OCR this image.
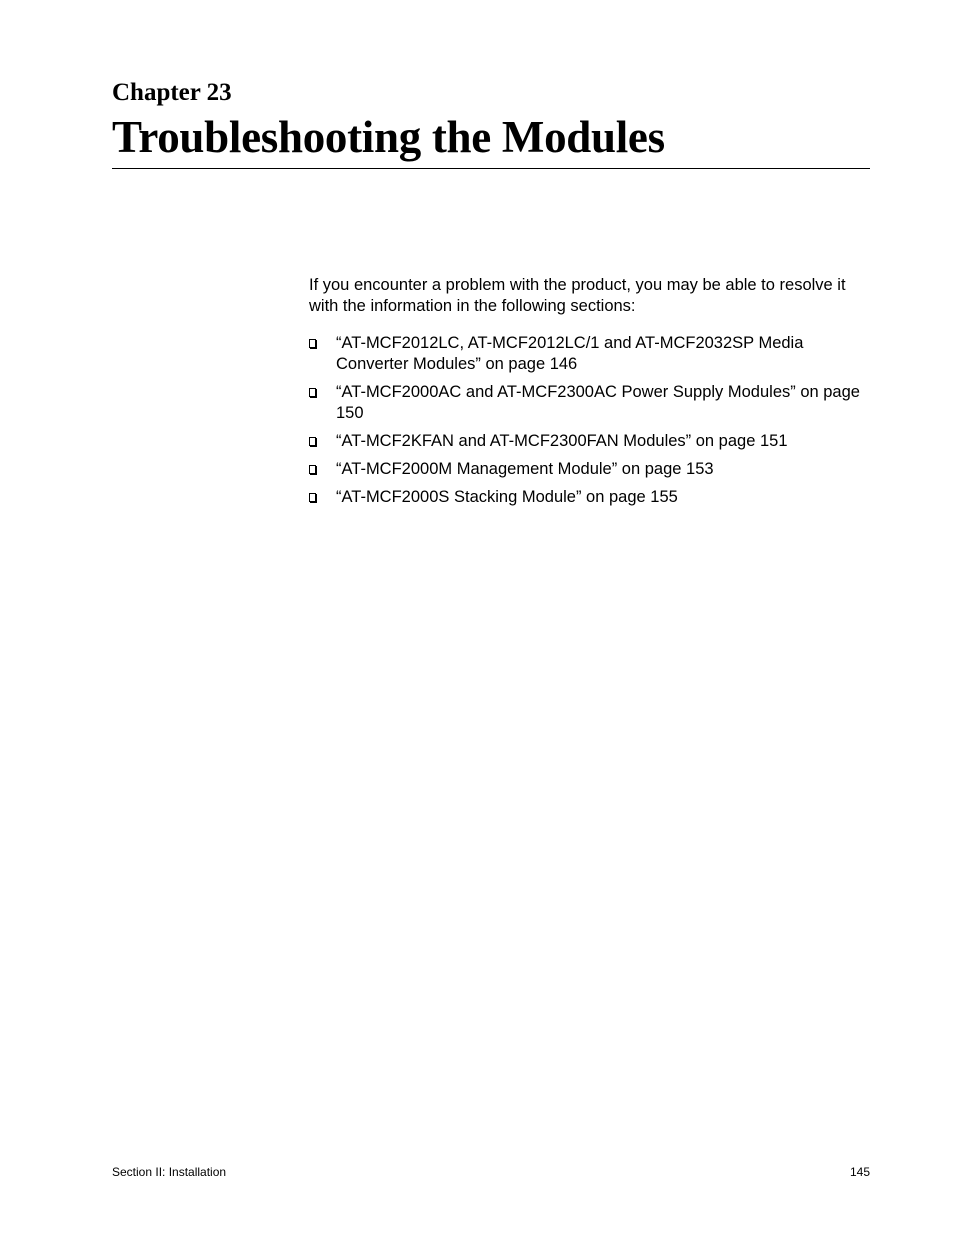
Chapter 23
Troubleshooting the Modules

If you encounter a problem with the product, you may be able to resolve it with the information in the following sections:

“AT-MCF2012LC, AT-MCF2012LC/1 and AT-MCF2032SP Media Converter Modules” on page 146
“AT-MCF2000AC and AT-MCF2300AC Power Supply Modules” on page 150
“AT-MCF2KFAN and AT-MCF2300FAN Modules” on page 151
“AT-MCF2000M Management Module” on page 153
“AT-MCF2000S Stacking Module” on page 155
Section II: Installation	145
